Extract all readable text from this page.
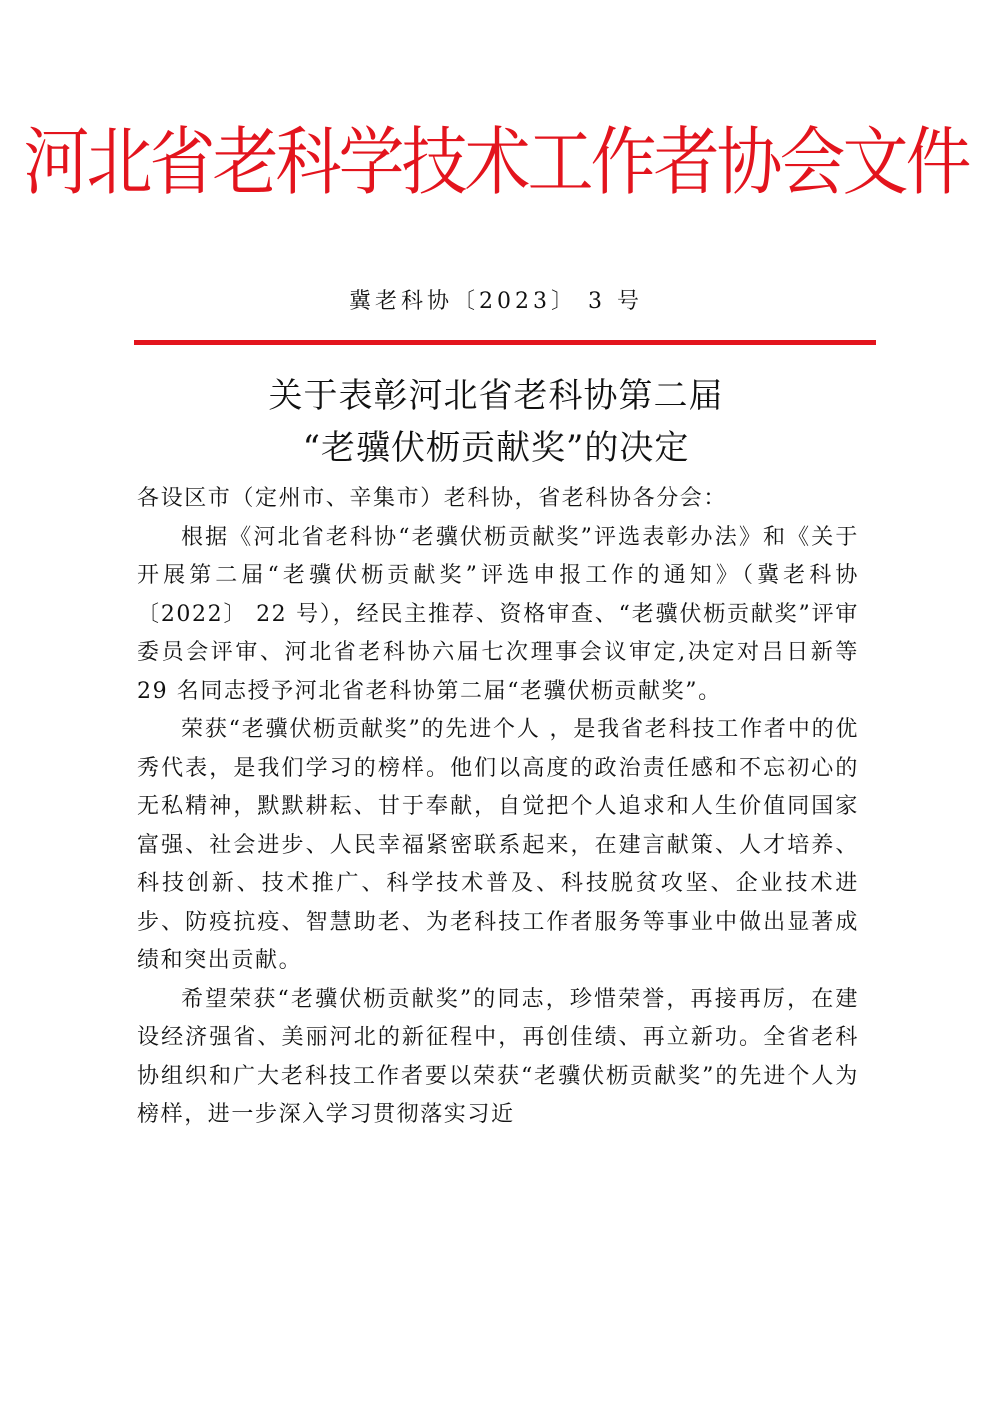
河北省老科学技术工作者协会文件
冀老科协〔2023〕 3 号
关于表彰河北省老科协第二届
“老骥伏枥贡献奖”的决定

各设区市（定州市、辛集市）老科协，省老科协各分会：

根据《河北省老科协“老骥伏枥贡献奖”评选表彰办法》和《关于开展第二届“老骥伏枥贡献奖”评选申报工作的通知》（冀老科协〔2022〕 22 号），经民主推荐、资格审查、“老骥伏枥贡献奖”评审委员会评审、河北省老科协六届七次理事会议审定,决定对吕日新等 29 名同志授予河北省老科协第二届“老骥伏枥贡献奖”。

荣获“老骥伏枥贡献奖”的先进个人 ，是我省老科技工作者中的优秀代表，是我们学习的榜样。他们以高度的政治责任感和不忘初心的无私精神，默默耕耘、甘于奉献，自觉把个人追求和人生价值同国家富强、社会进步、人民幸福紧密联系起来，在建言献策、人才培养、科技创新、技术推广、科学技术普及、科技脱贫攻坚、企业技术进步、防疫抗疫、智慧助老、为老科技工作者服务等事业中做出显著成绩和突出贡献。

希望荣获“老骥伏枥贡献奖”的同志，珍惜荣誉，再接再厉，在建设经济强省、美丽河北的新征程中，再创佳绩、再立新功。全省老科协组织和广大老科技工作者要以荣获“老骥伏枥贡献奖”的先进个人为榜样，进一步深入学习贯彻落实习近
